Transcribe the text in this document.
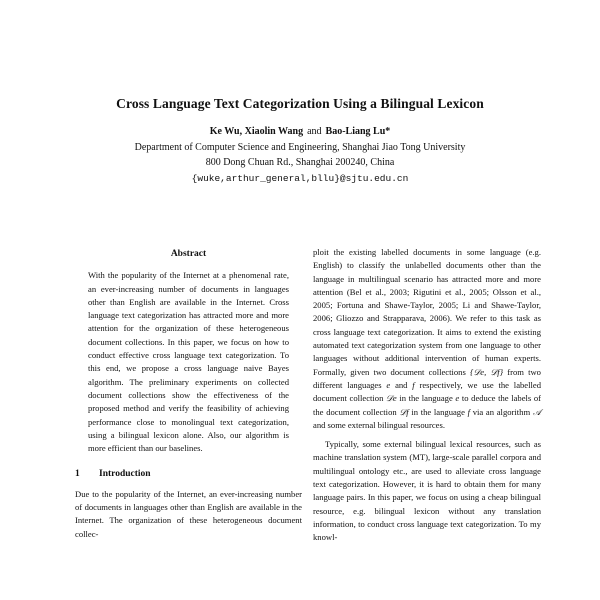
Cross Language Text Categorization Using a Bilingual Lexicon
Ke Wu, Xiaolin Wang and Bao-Liang Lu*
Department of Computer Science and Engineering, Shanghai Jiao Tong University
800 Dong Chuan Rd., Shanghai 200240, China
{wuke,arthur_general,bllu}@sjtu.edu.cn
Abstract

With the popularity of the Internet at a phenomenal rate, an ever-increasing number of documents in languages other than English are available in the Internet. Cross language text categorization has attracted more and more attention for the organization of these heterogeneous document collections. In this paper, we focus on how to conduct effective cross language text categorization. To this end, we propose a cross language naive Bayes algorithm. The preliminary experiments on collected document collections show the effectiveness of the proposed method and verify the feasibility of achieving performance close to monolingual text categorization, using a bilingual lexicon alone. Also, our algorithm is more efficient than our baselines.

1 Introduction

Due to the popularity of the Internet, an ever-increasing number of documents in languages other than English are available in the Internet. The organization of these heterogeneous document collec-

ploit the existing labelled documents in some language (e.g. English) to classify the unlabelled documents other than the language in multilingual scenario has attracted more and more attention (Bel et al., 2003; Rigutini et al., 2005; Olsson et al., 2005; Fortuna and Shawe-Taylor, 2005; Li and Shawe-Taylor, 2006; Gliozzo and Strapparava, 2006). We refer to this task as cross language text categorization. It aims to extend the existing automated text categorization system from one language to other languages without additional intervention of human experts. Formally, given two document collections {𝒟e, 𝒟f} from two different languages e and f respectively, we use the labelled document collection 𝒟e in the language e to deduce the labels of the document collection 𝒟f in the language f via an algorithm 𝒜 and some external bilingual resources.

Typically, some external bilingual lexical resources, such as machine translation system (MT), large-scale parallel corpora and multilingual ontology etc., are used to alleviate cross language text categorization. However, it is hard to obtain them for many language pairs. In this paper, we focus on using a cheap bilingual resource, e.g. bilingual lexicon without any translation information, to conduct cross language text categorization. To my knowl-
